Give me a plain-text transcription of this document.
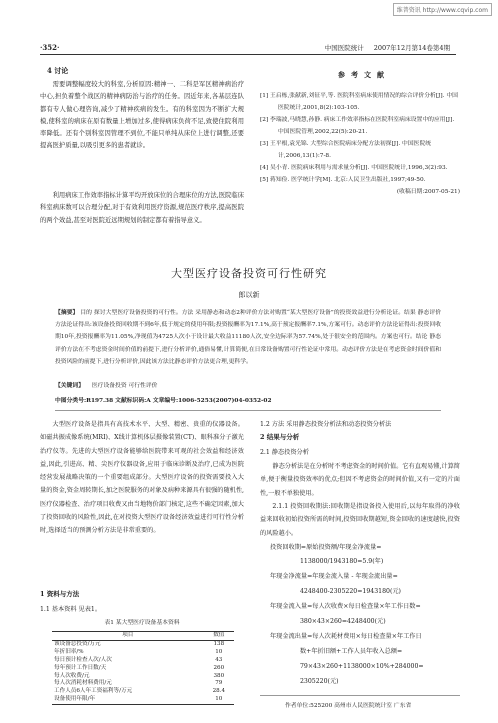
维普资讯 http://www.cqvip.com
·352·	中国医院统计 2007年12月第14卷第4期
4 讨论
需要调整幅度较大的科室,分析原因:精神一、二科是军区精神病治疗中心,担负着整个战区的精神病防治与治疗的任务。因近年来,各基层连队都有专人做心理咨询,减少了精神疾病的发生。有的科室因为不断扩大规模,使科室的病床在原有数量上增加过多,使得病床负荷不足,致使住院利用率降低。还有个别科室因管理不到位,不能只单纯从床位上进行调整,还要提高医护质量,以吸引更多的患者就诊。
利用病床工作效率指标计算平均开放床位的合理床位的方法,医院临床科室病床数可以合理分配,对于有效利用医疗资源,规范医疗秩序,提高医院的两个效益,甚至对医院近远期规划的制定都有着指导意义。
参考文献
[1] 王启栋,张献新,刘征平,等. 医院科室病床使用情况的综合评价分析[J]. 中国医院统计,2001,8(2):103-105.
[2] 李瑞波,马晓慧,孙静. 病床工作效率指标在医院科室病床设置中的应用[J]. 中国医院管理,2002,22(5):20-21.
[3] 王平根,袁光锦. 大型综合医院病床分配方法初探[J]. 中国医院统计,2006,13(1):7-8.
[4] 吴小青. 医院病床利用与需求量分析[J]. 中国医院统计,1996,3(2):93.
[5] 蒋知俭. 医学统计学[M]. 北京:人民卫生出版社,1997;49-50.
(收稿日期:2007-05-21)
大型医疗设备投资可行性研究
郎以新
【摘要】 目的 探讨大型医疗设备投资的可行性。方法 采用静态和动态2种评价方法对购置“某大型医疗设备”的投资效益进行分析论证。结果 静态评价方法论证得出:该设备投资回收期不到6年,低于规定的使用年限;投资报酬率为17.1%,高于预定报酬率7.1%,方案可行。动态评价方法论证得出:投资回收期10年,投资报酬率为11.05%,净现值为4725人次小于设计最大收益11180人次,安全边际率为57.74%,处于很安全的范围内。方案也可行。结论 静态评价方法在不考虑资金时间价值的前提下,进行分析评价,通俗易懂,计算简便,在日常设备购置可行性论证中常用。动态评价方法是在考虑资金时间价值和投资风险的前提下,进行分析评价,因此该方法比静态评价方法更合理,更科学。
【关键词】 医疗设备投资 可行性评价
中图分类号:R197.38 文献标识码:A 文章编号:1006-5253(2007)04-0352-02
大型医疗设备是指具有高技术水平、大型、精密、贵重的仪器设备。如磁共振成像系统(MRI)、X线计算机体层摄像装置(CT)、眼科准分子激光治疗仪等。先进的大型医疗设备能够给医院带来可观的社会效益和经济效益,因此,引进高、精、尖医疗仪器设备,应用于临床诊断及治疗,已成为医院经营发展战略决策的一个重要组成部分。大型医疗设备的投资需要投入大量的资金,资金周转期长,加之医院服务的对象及病种来源具有很强的随机性,医疗仪器检查、治疗项目收费又由当地物价部门核定,这些不确定因素,加大了投资回收的风险性,因此,在对投资大型医疗设备经济效益进行可行性分析时,选择适当的预测分析方法是非常重要的。
1 资料与方法
1.1 基本资料 见表1。
表1 某大型医疗设备基本资料
项目	数值
该设备总投资/万元	138
年折旧率/%	10
每日预计检查人次/人次	43
每年预计工作日数/天	260
每人次收费/元	380
每人次消耗材料费用/元	79
工作人员6人年工资福利等/万元	28.4
设备使用年限/年	10
1.2 方法 采用静态投资分析法和动态投资分析法
2 结果与分析
2.1 静态投资分析
静态分析法是在分析时不考虑资金的时间价值。它有直观易懂,计算简单,便于衡量投资效率的优点;但因不考虑资金的时间价值,又有一定的片面性,一般不单独使用。
2.1.1 投资回收期法:回收期是指设备投入使用后,以每年取得的净收益来回收初始投资所需的时间,投资回收期越短,资金回收的速度越快,投资的风险越小。
投资回收期=原始投资额/年现金净流量=
1138000/1943180=5.9(年)
年现金净流量=年现金流入量 - 年现金流出量=
4248400-2305220=1943180(元)
年现金流入量=每人次收费×每日检查量×年工作日数=
380×43×260=4248400(元)
年现金流出量=每人次耗材费用×每日检查量×年工作日
数+年折旧额+工作人员年收入总额=
79×43×260+1138000×10%+284000=
2305220(元)
作者单位:525200 高州市人民医院统计室 广东省
